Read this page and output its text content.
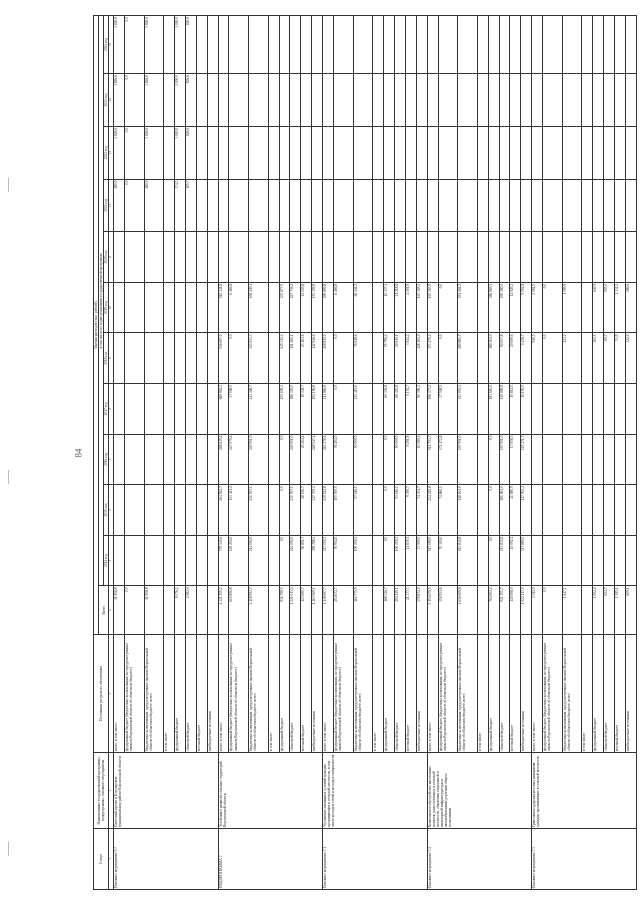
84
Статус	Наименование государственной программы, подпрограммы, основного мероприятия	Источники ресурсного обеспечения	Оценка расходов (тыс. рублей)											
			Всего	в том числе по годам реализации государственной программы										
				2014 год	2015 год	2016 год	2017 год	2018 год	2019 год	2020 год	2021 год	2022 год	2023 год	2024 год
1	2	3	4	5	6	7	8	9	10	11	12	13	14	15
Основное мероприятие 5.7	Пилотный проект в Богучарском муниципальном районе Воронежской области	всего, в том числе:	11 958,8								480,0	3 826,6	3 826,6	3 826,6
		федеральный бюджет (бюджетные ассигнования, не предусмотренные законом Воронежской области об областном бюджете)	0,0								0,0	0,0	0,0	0,0
		бюджетные ассигнования, предусмотренные законом Воронежской области об областном бюджете, всего	11 958,8								480,0	3 826,6	3 826,6	3 826,6
		в том числе:												
		федеральный бюджет	9 376,2								374,3	3 000,0	3 000,0	3 000,0
		областной бюджет	2 582,6								105,7	826,6	826,6	826,6
		местный бюджет												
		внебюджетные источники												
ПОДПРОГРАММА 7	Устойчивое развитие сельских территорий Воронежской области	всего, в том числе:	4 321 559,2	779 145,6	264 562,7	268 629,4	689 962,2	526 697,0	940 341,8					
		федеральный бюджет (бюджетные ассигнования, не предусмотренные законом Воронежской области об областном бюджете)	615 806,8	149 254,0	133 411,4	247 079,4	37 598,5	0,0	6 466,8					
		бюджетные ассигнования, предусмотренные законом Воронежской области об областном бюджете, всего	2 118 993,7	214 092,0	231 557,1	249 951,0	443 368,7	323 933,3	638 449,4					
		в том числе:												
		федеральный бюджет	936 798,5	0,0	0,0	0,0	255 609,2	245 311,4	435 877,9					
		областной бюджет	1 221 013,4	214 092,0	231 557,1	249 951,0	186 325,0	111 460,1	227 736,2					
		местный бюджет	123 690,7	56 891,7	28 156,7	45 264,4	19 338,7	23 161,6	41 025,8					
		внебюджетные источники	1 463 069,1	358 788,4	327 739,2	228 547,4	192 196,8	142 946,6	153 359,8					
Основное мероприятие 7.1	Улучшение жилищных условий граждан, проживающих в сельской местности, в том числе молодых семей и молодых специалистов	всего, в том числе:	1 138 697,7	217 050,2	239 922,8	263 276,4	211 966,8	218 815,0	290 809,8					
		федеральный бюджет (бюджетные ассигнования, не предусмотренные законом Воронежской области об областном бюджете)	254 672,7	76 954,0	105 550,0	76 404,0	0,0	0,0	6 466,8					
		бюджетные ассигнования, предусмотренные законом Воронежской области об областном бюджете, всего	462 775,5	100 259,2	57 616,1	50 000,0	113 415,6	76 618,6	66 144,2					
		в том числе:												
		федеральный бюджет	168 326,7	0,0	0,0	0,0	60 336,8	55 796,2	45 337,4					
		областной бюджет	294 149,1	100 259,2	53 616,1	50 000,0	66 453,8	20 810,1	21 218,8					
		местный бюджет	41 377,3	11 839,1	9 396,7	9 291,8	5 154,7	3 944,4	4 191,9					
		внебюджетные источники	379 872,0	37 995,0	74 351,7	63 580,6	90 396,4	128 102,0	167 365,0					
Основное мероприятие 7.2	Комплексное обустройство населенных пунктов, расположенных в сельской местности, объектами социальной и инженерной инфраструктуры и автомобильными дорогами общего пользования	всего, в том числе:	3 154 679,5	547 099,5	224 225,8	511 753,7	196 377,2	173 475,4	167 363,9					
		федеральный бюджет (бюджетные ассигнования, не предусмотренные законом Воронежской области об областном бюджете)	350 931,6	70 300,0	74 860,1	171 472,8	37 598,5	0,0	0,0					
		бюджетные ассигнования, предусмотренные законом Воронежской области об областном бюджете, всего	1 636 609,8	113 832,8	148 161,0	197 951,0	323 953,1	280 883,7	551 164,2					
		в том числе:												
		федеральный бюджет	764 901,4	0,0	0,0	0,0	183 583,0	189 504,9	386 965,5					
		областной бюджет	921 705,7	113 832,8	181 961,0	197 951,0	140 089,8	90 657,8	200 280,0					
		местный бюджет	145 008,0	45 092,1	41 080,9	17 058,3	15 814,0	20 690,6	14 929,2					
		внебюджетные источники	1 022 117,0	317 889,5	147 763,4	125 271,7	10 195,0	9 478,7	9 552,8					
Основное мероприятие 7.3	Грантовая поддержка местных инициатив граждан, проживающих в сельской местности	всего, в том числе:	3 011,0					916,5	2 094,5					
		федеральный бюджет (бюджетные ассигнования, не предусмотренные законом Воронежской области об областном бюджете)	0,0					0,0	0,0					
		бюджетные ассигнования, предусмотренные законом Воронежской области об областном бюджете, всего	1 627,1					431,2	1 195,9					
		в том числе:												
		федеральный бюджет	1 002,4					361,5	640,9					
		областной бюджет	624,7					69,7	555,0					
		местный бюджет	1 385,1					53,9	1 331,2					
		внебюджетные источники	609,1					322,4	286,6					
